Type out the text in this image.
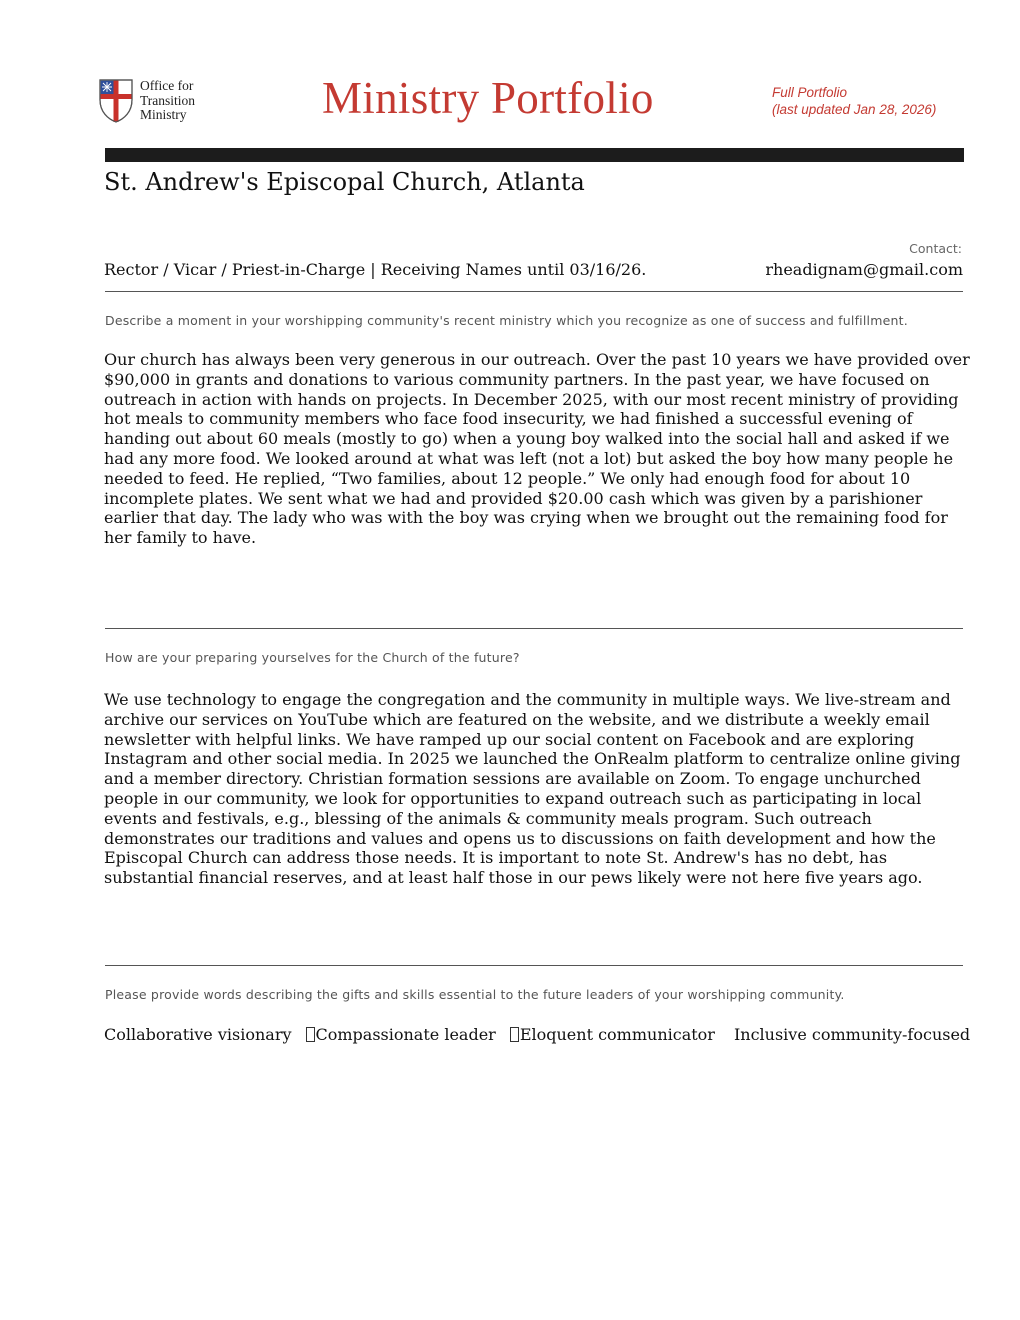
Office for
Transition
Ministry	Ministry Portfolio	Full Portfolio
(last updated Jan 28, 2026)
St. Andrew's Episcopal Church, Atlanta
Contact:
Rector / Vicar / Priest-in-Charge | Receiving Names until 03/16/26.	rheadignam@gmail.com
Describe a moment in your worshipping community's recent ministry which you recognize as one of success and fulfillment.
Our church has always been very generous in our outreach. Over the past 10 years we have provided over $90,000 in grants and donations to various community partners. In the past year, we have focused on outreach in action with hands on projects. In December 2025, with our most recent ministry of providing hot meals to community members who face food insecurity, we had finished a successful evening of handing out about 60 meals (mostly to go) when a young boy walked into the social hall and asked if we had any more food. We looked around at what was left (not a lot) but asked the boy how many people he needed to feed. He replied, “Two families, about 12 people.” We only had enough food for about 10 incomplete plates. We sent what we had and provided $20.00 cash which was given by a parishioner earlier that day. The lady who was with the boy was crying when we brought out the remaining food for her family to have.
How are your preparing yourselves for the Church of the future?
We use technology to engage the congregation and the community in multiple ways. We live-stream and archive our services on YouTube which are featured on the website, and we distribute a weekly email newsletter with helpful links. We have ramped up our social content on Facebook and are exploring Instagram and other social media. In 2025 we launched the OnRealm platform to centralize online giving and a member directory. Christian formation sessions are available on Zoom. To engage unchurched people in our community, we look for opportunities to expand outreach such as participating in local events and festivals, e.g., blessing of the animals & community meals program. Such outreach demonstrates our traditions and values and opens us to discussions on faith development and how the Episcopal Church can address those needs. It is important to note St. Andrew's has no debt, has substantial financial reserves, and at least half those in our pews likely were not here five years ago.
Please provide words describing the gifts and skills essential to the future leaders of your worshipping community.
Collaborative visionary Compassionate leader Eloquent communicator Inclusive community-focused
